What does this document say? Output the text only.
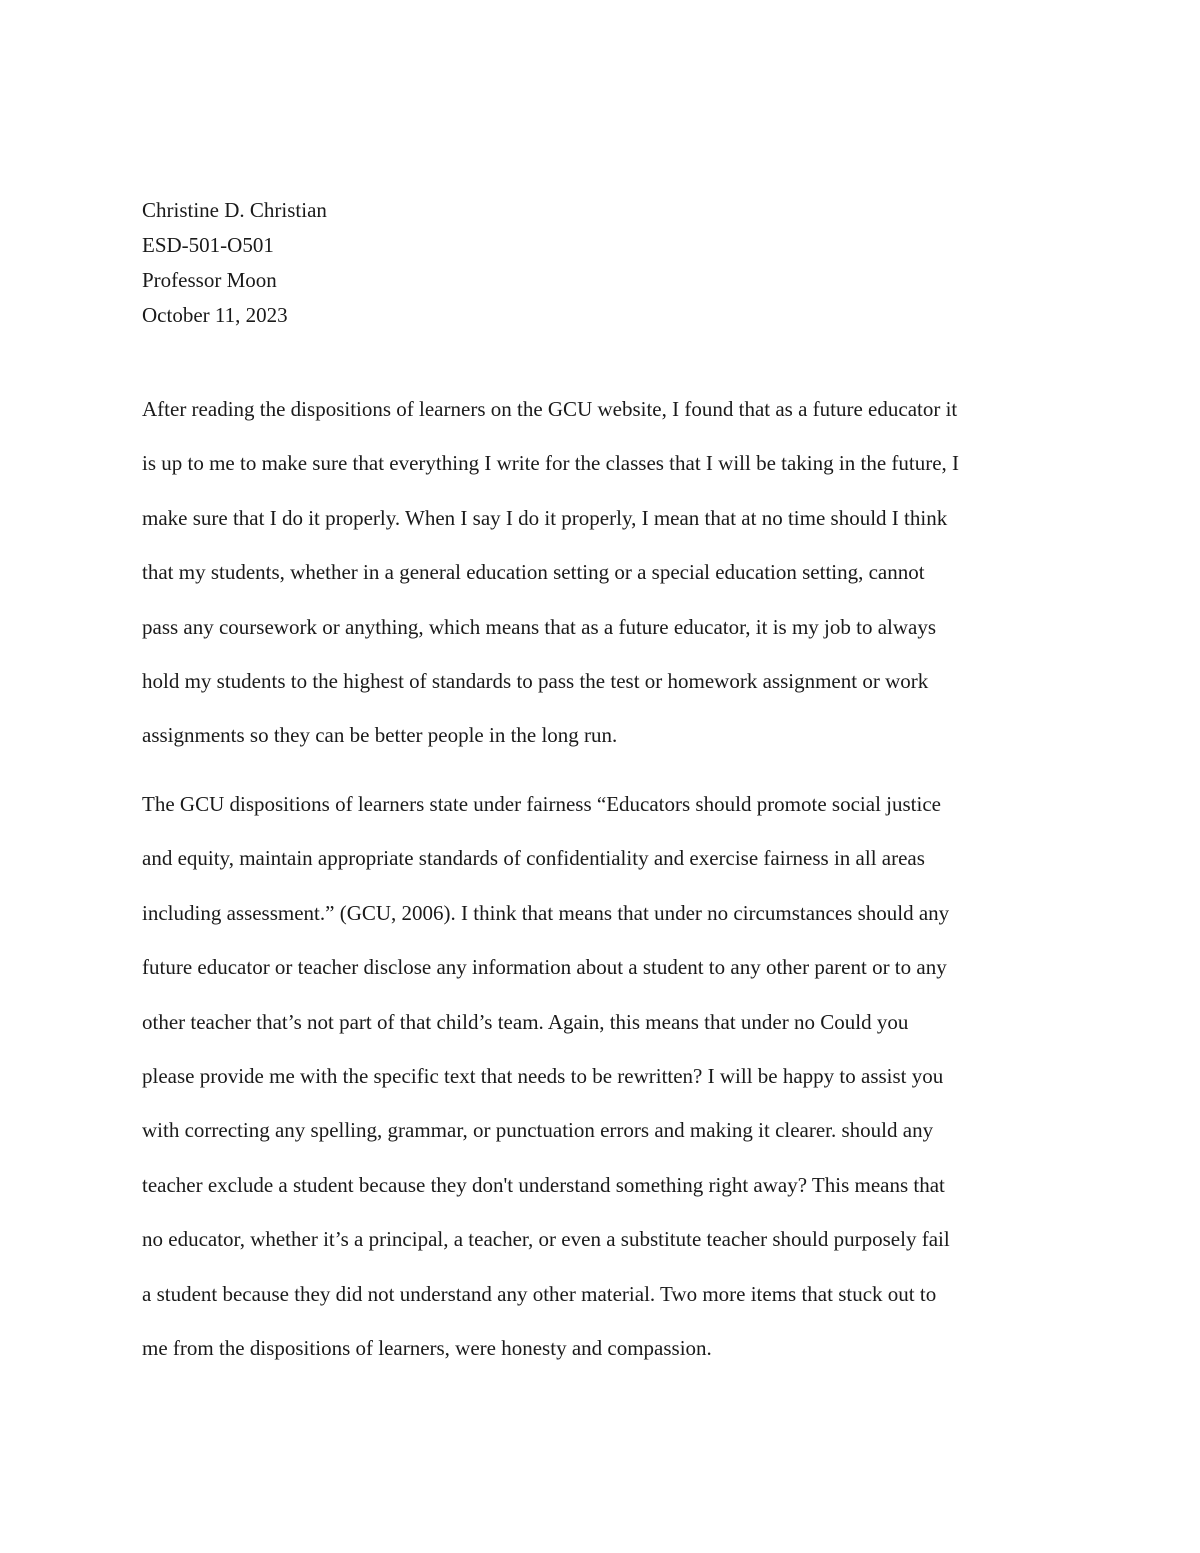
Christine D. Christian
ESD-501-O501
Professor Moon
October 11, 2023
After reading the dispositions of learners on the GCU website, I found that as a future educator it
is up to me to make sure that everything I write for the classes that I will be taking in the future, I
make sure that I do it properly. When I say I do it properly, I mean that at no time should I think
that my students, whether in a general education setting or a special education setting, cannot
pass any coursework or anything, which means that as a future educator, it is my job to always
hold my students to the highest of standards to pass the test or homework assignment or work
assignments so they can be better people in the long run.
The GCU dispositions of learners state under fairness “Educators should promote social justice
and equity, maintain appropriate standards of confidentiality and exercise fairness in all areas
including assessment.” (GCU, 2006). I think that means that under no circumstances should any
future educator or teacher disclose any information about a student to any other parent or to any
other teacher that’s not part of that child’s team. Again, this means that under no Could you
please provide me with the specific text that needs to be rewritten? I will be happy to assist you
with correcting any spelling, grammar, or punctuation errors and making it clearer. should any
teacher exclude a student because they don't understand something right away? This means that
no educator, whether it’s a principal, a teacher, or even a substitute teacher should purposely fail
a student because they did not understand any other material. Two more items that stuck out to
me from the dispositions of learners, were honesty and compassion.
